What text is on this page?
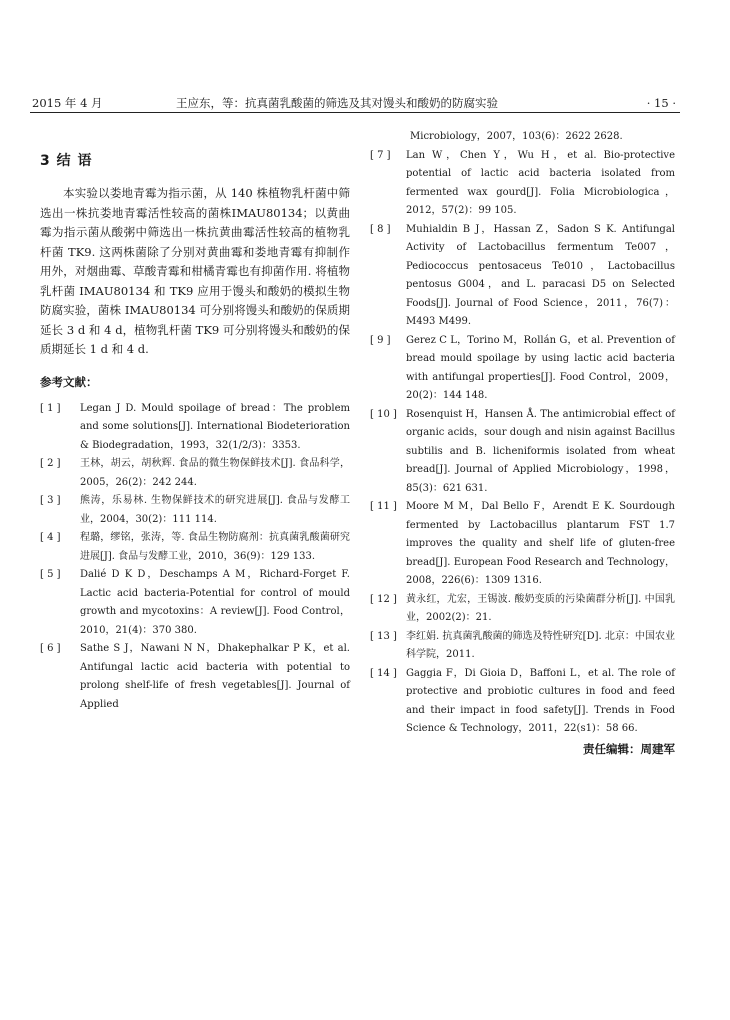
2015 年 4 月	王应东，等：抗真菌乳酸菌的筛选及其对馒头和酸奶的防腐实验	· 15 ·
3 结 语

本实验以娄地青霉为指示菌，从 140 株植物乳杆菌中筛选出一株抗娄地青霉活性较高的菌株IMAU80134；以黄曲霉为指示菌从酸粥中筛选出一株抗黄曲霉活性较高的植物乳杆菌 TK9. 这两株菌除了分别对黄曲霉和娄地青霉有抑制作用外，对烟曲霉、草酸青霉和柑橘青霉也有抑菌作用. 将植物乳杆菌 IMAU80134 和 TK9 应用于馒头和酸奶的模拟生物防腐实验，菌株 IMAU80134 可分别将馒头和酸奶的保质期延长 3 d 和 4 d，植物乳杆菌 TK9 可分别将馒头和酸奶的保质期延长 1 d 和 4 d.

参考文献：
[ 1 ]	Legan J D. Mould spoilage of bread：The problem and some solutions[J]. International Biodeterioration & Biodegradation，1993，32(1/2/3)：3353.
[ 2 ]	王林，胡云，胡秋辉. 食品的微生物保鲜技术[J]. 食品科学，2005，26(2)：242 244.
[ 3 ]	熊涛，乐易林. 生物保鲜技术的研究进展[J]. 食品与发酵工业，2004，30(2)：111 114.
[ 4 ]	程璐，缪铭，张涛，等. 食品生物防腐剂：抗真菌乳酸菌研究进展[J]. 食品与发酵工业，2010，36(9)：129 133.
[ 5 ]	Dalié D K D，Deschamps A M，Richard-Forget F. Lactic acid bacteria-Potential for control of mould growth and mycotoxins：A review[J]. Food Control，2010，21(4)：370 380.
[ 6 ]	Sathe S J，Nawani N N，Dhakephalkar P K，et al. Antifungal lactic acid bacteria with potential to prolong shelf-life of fresh vegetables[J]. Journal of Applied
Microbiology，2007，103(6)：2622 2628.
[ 7 ]	Lan W，Chen Y，Wu H，et al. Bio-protective potential of lactic acid bacteria isolated from fermented wax gourd[J]. Folia Microbiologica，2012，57(2)：99 105.
[ 8 ]	Muhialdin B J，Hassan Z，Sadon S K. Antifungal Activity of Lactobacillus fermentum Te007，Pediococcus pentosaceus Te010，Lactobacillus pentosus G004，and L. paracasi D5 on Selected Foods[J]. Journal of Food Science，2011，76(7)：M493 M499.
[ 9 ]	Gerez C L，Torino M，Rollán G，et al. Prevention of bread mould spoilage by using lactic acid bacteria with antifungal properties[J]. Food Control，2009，20(2)：144 148.
[ 10 ] Rosenquist H，Hansen Å. The antimicrobial effect of organic acids，sour dough and nisin against Bacillus subtilis and B. licheniformis isolated from wheat bread[J]. Journal of Applied Microbiology，1998，85(3)：621 631.
[ 11 ] Moore M M，Dal Bello F，Arendt E K. Sourdough fermented by Lactobacillus plantarum FST 1.7 improves the quality and shelf life of gluten-free bread[J]. European Food Research and Technology，2008，226(6)：1309 1316.
[ 12 ] 黄永红，尤宏，王锡波. 酸奶变质的污染菌群分析[J]. 中国乳业，2002(2)：21.
[ 13 ] 李红娟. 抗真菌乳酸菌的筛选及特性研究[D]. 北京：中国农业科学院，2011.
[ 14 ] Gaggia F，Di Gioia D，Baffoni L，et al. The role of protective and probiotic cultures in food and feed and their impact in food safety[J]. Trends in Food Science & Technology，2011，22(s1)：58 66.
责任编辑：周建军
